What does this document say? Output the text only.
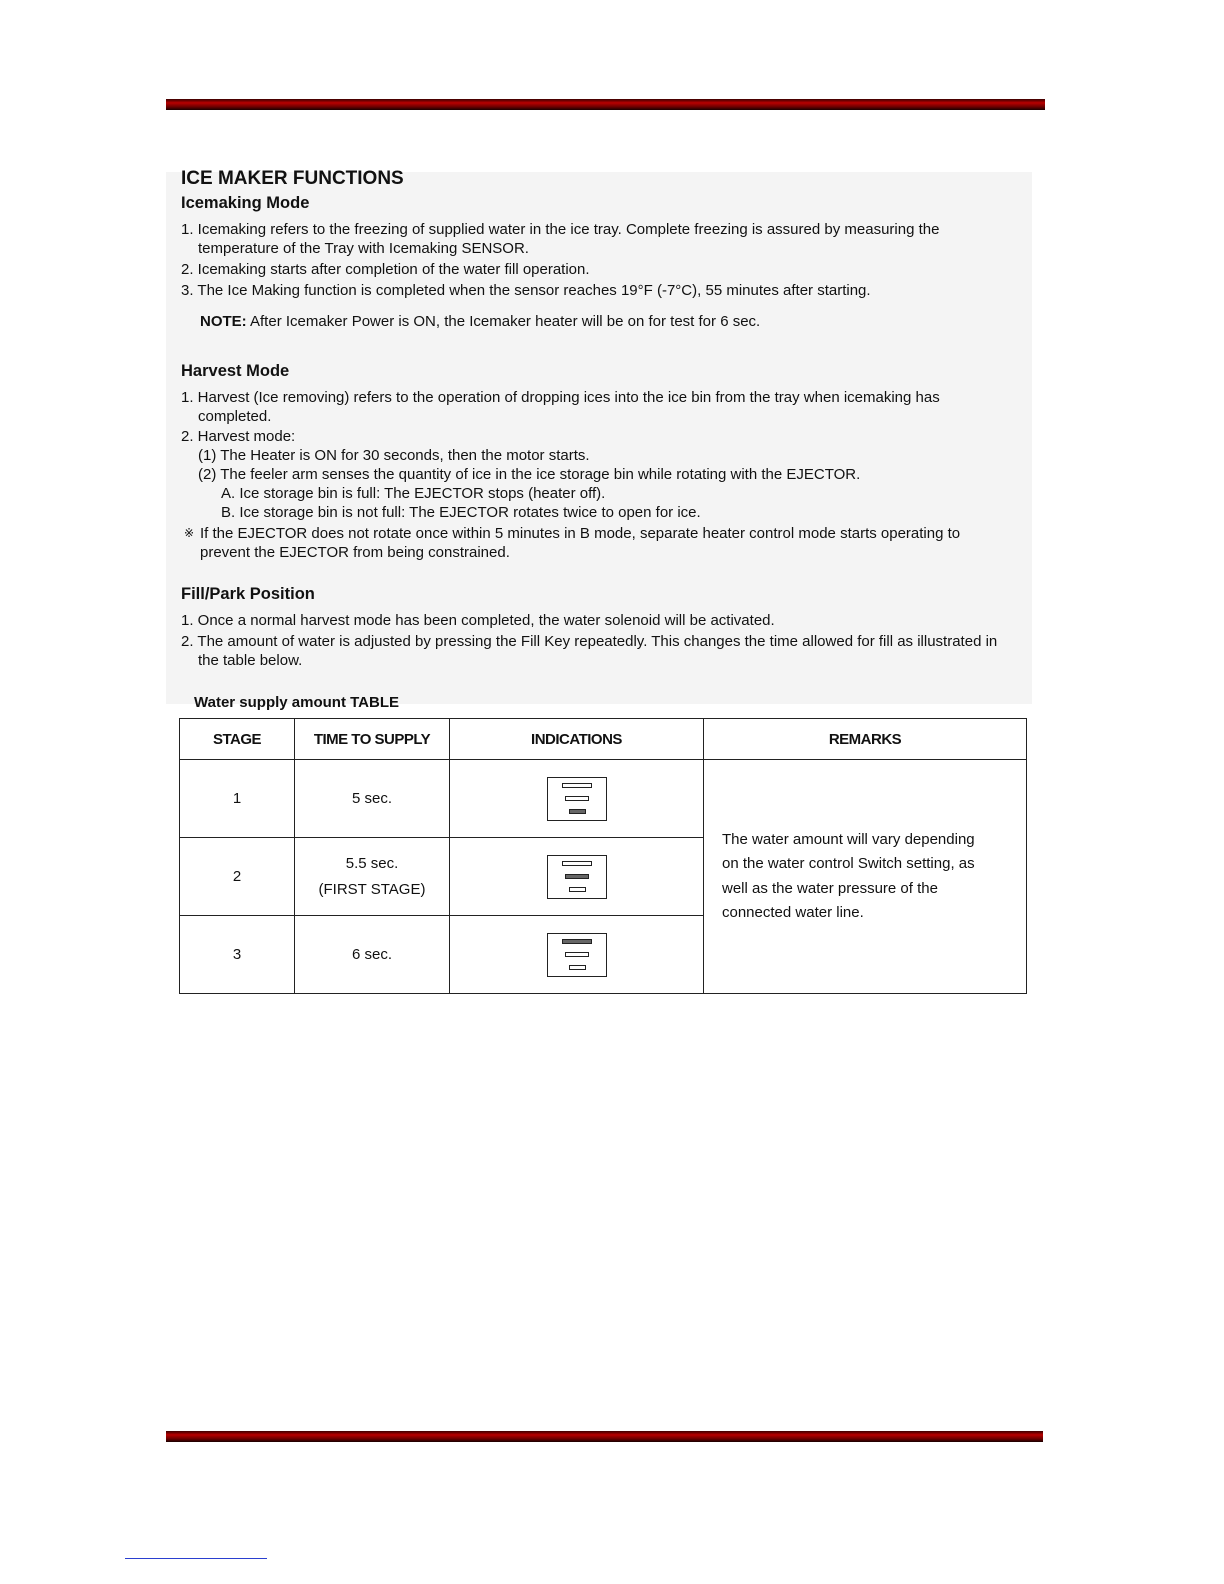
ICE MAKER FUNCTIONS
Icemaking Mode
1. Icemaking refers to the freezing of supplied water in the ice tray. Complete freezing is assured by measuring the
temperature of the Tray with Icemaking SENSOR.
2. Icemaking starts after completion of the water fill operation.
3. The Ice Making function is completed when the sensor reaches 19°F (-7°C), 55 minutes after starting.
NOTE: After Icemaker Power is ON, the Icemaker heater will be on for test for 6 sec.
Harvest Mode
1. Harvest (Ice removing) refers to the operation of dropping ices into the ice bin from the tray when icemaking has
completed.
2. Harvest mode:
(1) The Heater is ON for 30 seconds, then the motor starts.
(2) The feeler arm senses the quantity of ice in the ice storage bin while rotating with the EJECTOR.
A. Ice storage bin is full: The EJECTOR stops (heater off).
B. Ice storage bin is not full: The EJECTOR rotates twice to open for ice.
※ If the EJECTOR does not rotate once within 5 minutes in B mode, separate heater control mode starts operating to
prevent the EJECTOR from being constrained.
Fill/Park Position
1. Once a normal harvest mode has been completed, the water solenoid will be activated.
2. The amount of water is adjusted by pressing the Fill Key repeatedly. This changes the time allowed for fill as illustrated in
the table below.
Water supply amount TABLE
STAGE	TIME TO SUPPLY	INDICATIONS	REMARKS
1	5 sec.		The water amount will vary depending
on the water control Switch setting, as
well as the water pressure of the
connected water line.

2	5.5 sec.
(FIRST STAGE)		

3	6 sec.		
